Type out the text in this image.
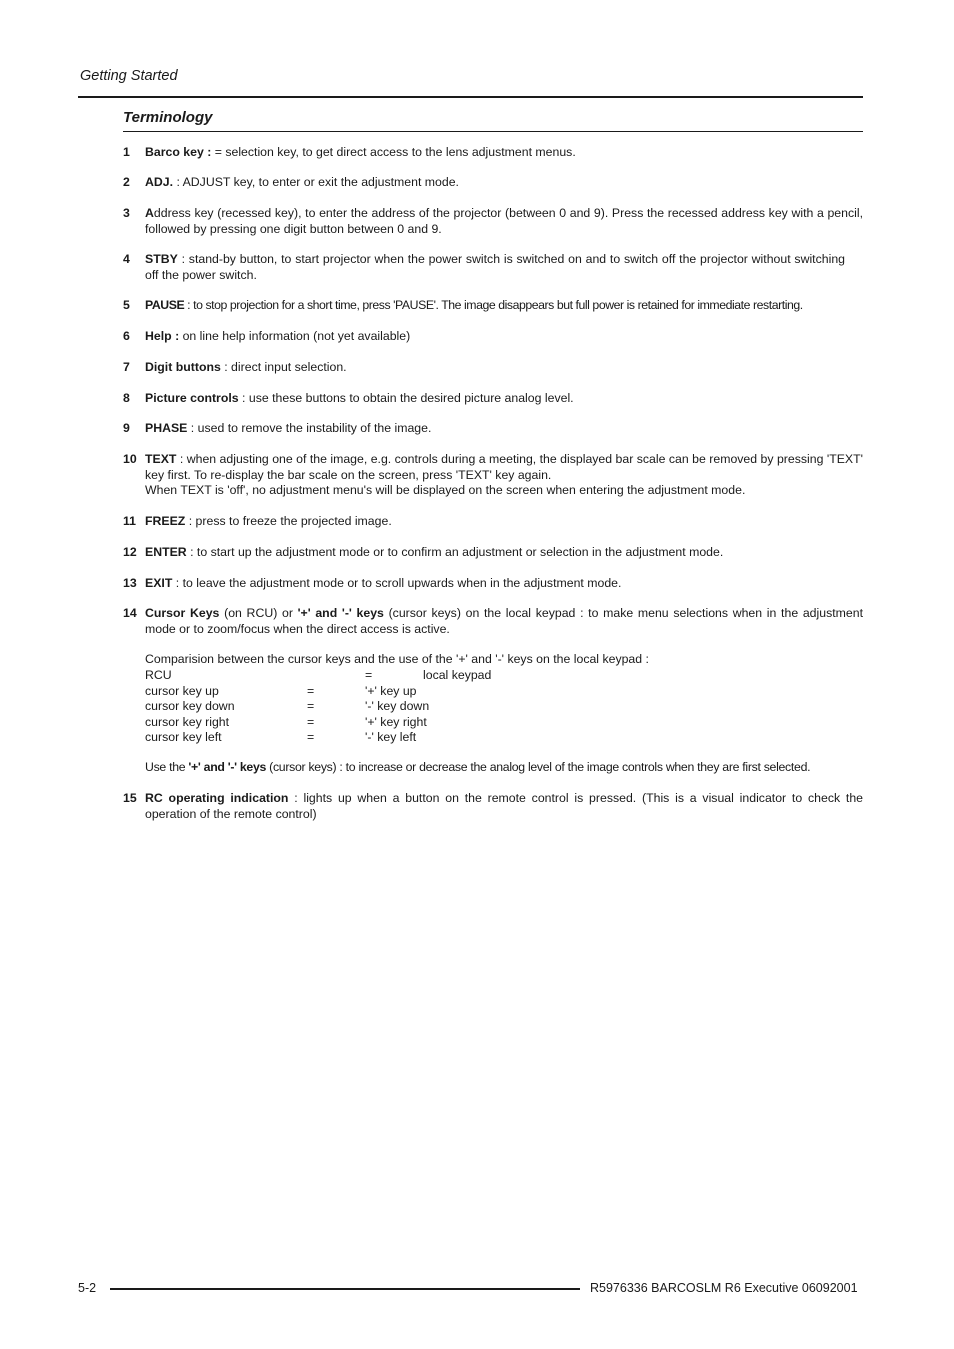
Getting Started
Terminology
1	Barco key : = selection key, to get direct access to the lens adjustment menus.
2	ADJ. : ADJUST key, to enter or exit the adjustment mode.
3	Address key (recessed key), to enter the address of the projector (between 0 and 9). Press the recessed address key with a pencil, followed by pressing one digit button between 0 and 9.
4	STBY : stand-by button, to start projector when the power switch is switched on and to switch off the projector without switching off the power switch.
5	PAUSE : to stop projection for a short time, press 'PAUSE'. The image disappears but full power is retained for immediate restarting.
6	Help : on line help information (not yet available)
7	Digit buttons : direct input selection.
8	Picture controls : use these buttons to obtain the desired picture analog level.
9	PHASE : used to remove the instability of the image.
10 TEXT : when adjusting one of the image, e.g. controls during a meeting, the displayed bar scale can be removed by pressing 'TEXT' key first. To re-display the bar scale on the screen, press 'TEXT' key again.

When TEXT is 'off', no adjustment menu's will be displayed on the screen when entering the adjustment mode.

11 FREEZ : press to freeze the projected image.
12 ENTER : to start up the adjustment mode or to confirm an adjustment or selection in the adjustment mode.
13 EXIT : to leave the adjustment mode or to scroll upwards when in the adjustment mode.
14 Cursor Keys (on RCU) or '+' and '-' keys (cursor keys) on the local keypad : to make menu selections when in the adjustment mode or to zoom/focus when the direct access is active.
Comparision between the cursor keys and the use of the '+' and '-' keys on the local keypad :
RCU	=	local keypad
cursor key up	=	'+' key up
cursor key down	=	'-' key down
cursor key right	=	'+' key right
cursor key left	=	'-' key left
Use the '+' and '-' keys (cursor keys) : to increase or decrease the analog level of the image controls when they are first selected.
15 RC operating indication : lights up when a button on the remote control is pressed. (This is a visual indicator to check the operation of the remote control)
5-2	R5976336 BARCOSLM R6 Executive 06092001
